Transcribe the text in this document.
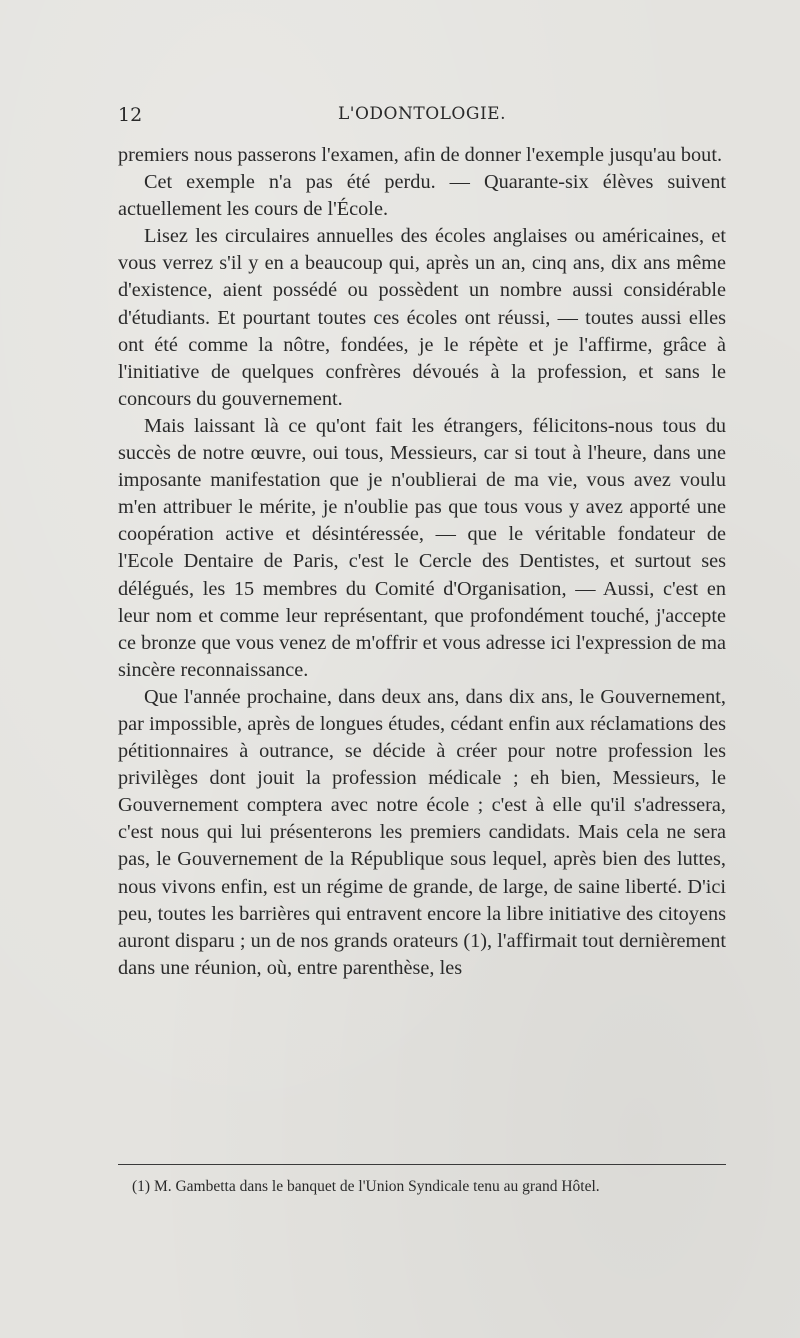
12	L'ODONTOLOGIE.

premiers nous passerons l'examen, afin de donner l'exemple jusqu'au bout.

Cet exemple n'a pas été perdu. — Quarante-six élèves suivent actuellement les cours de l'École.

Lisez les circulaires annuelles des écoles anglaises ou américaines, et vous verrez s'il y en a beaucoup qui, après un an, cinq ans, dix ans même d'existence, aient possédé ou possèdent un nombre aussi considérable d'étudiants. Et pourtant toutes ces écoles ont réussi, — toutes aussi elles ont été comme la nôtre, fondées, je le répète et je l'affirme, grâce à l'initiative de quelques confrères dévoués à la profession, et sans le concours du gouvernement.

Mais laissant là ce qu'ont fait les étrangers, félicitons-nous tous du succès de notre œuvre, oui tous, Messieurs, car si tout à l'heure, dans une imposante manifestation que je n'oublierai de ma vie, vous avez voulu m'en attribuer le mérite, je n'oublie pas que tous vous y avez apporté une coopération active et désintéressée, — que le véritable fondateur de l'Ecole Dentaire de Paris, c'est le Cercle des Dentistes, et surtout ses délégués, les 15 membres du Comité d'Organisation, — Aussi, c'est en leur nom et comme leur représentant, que profondément touché, j'accepte ce bronze que vous venez de m'offrir et vous adresse ici l'expression de ma sincère reconnaissance.

Que l'année prochaine, dans deux ans, dans dix ans, le Gouvernement, par impossible, après de longues études, cédant enfin aux réclamations des pétitionnaires à outrance, se décide à créer pour notre profession les privilèges dont jouit la profession médicale ; eh bien, Messieurs, le Gouvernement comptera avec notre école ; c'est à elle qu'il s'adressera, c'est nous qui lui présenterons les premiers candidats. Mais cela ne sera pas, le Gouvernement de la République sous lequel, après bien des luttes, nous vivons enfin, est un régime de grande, de large, de saine liberté. D'ici peu, toutes les barrières qui entravent encore la libre initiative des citoyens auront disparu ; un de nos grands orateurs (1), l'affirmait tout dernièrement dans une réunion, où, entre parenthèse, les

(1) M. Gambetta dans le banquet de l'Union Syndicale tenu au grand Hôtel.
